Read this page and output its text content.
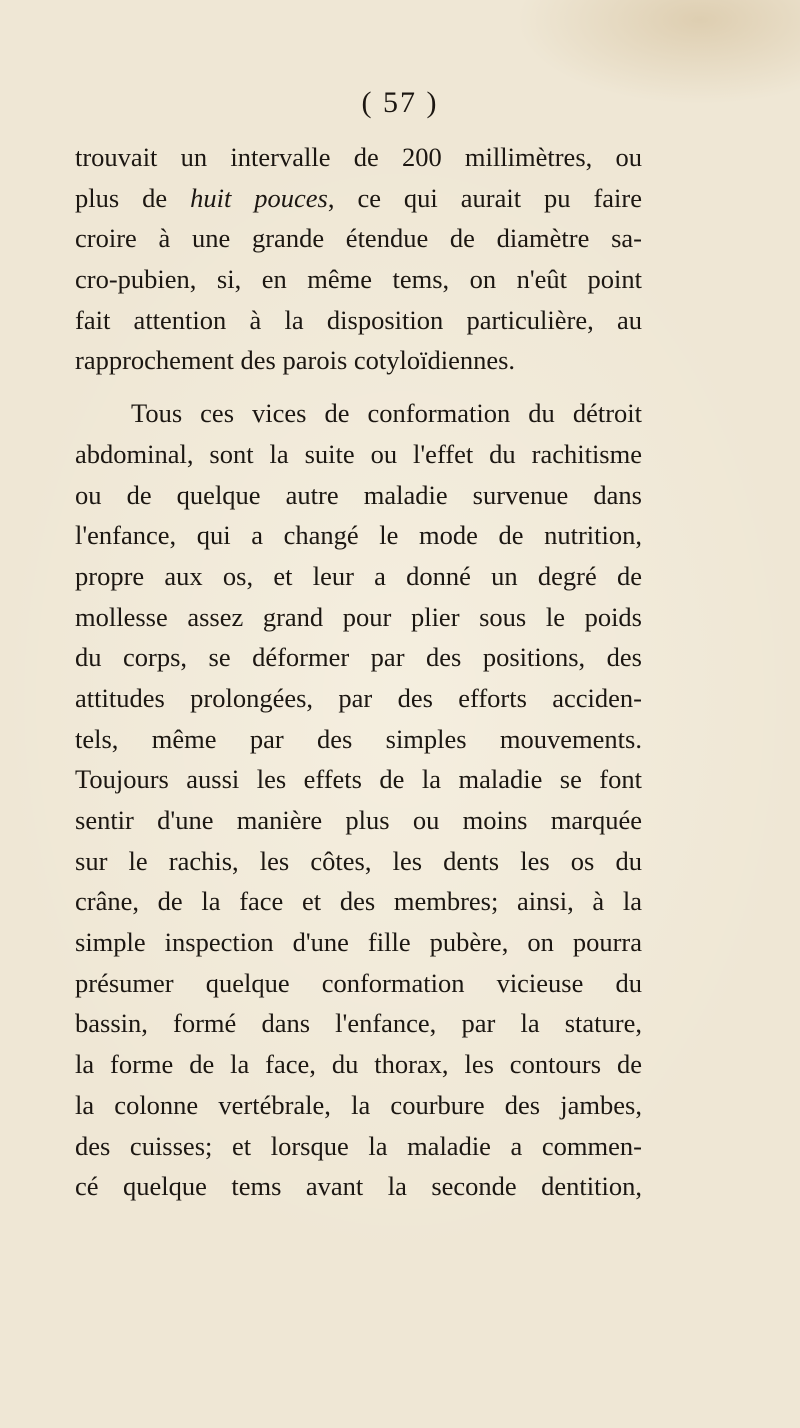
( 57 )
trouvait un intervalle de 200 millimètres, ou
plus de huit pouces, ce qui aurait pu faire
croire à une grande étendue de diamètre sa-
cro-pubien, si, en même tems, on n'eût point
fait attention à la disposition particulière, au
rapprochement des parois cotyloïdiennes.
Tous ces vices de conformation du détroit
abdominal, sont la suite ou l'effet du rachitisme
ou de quelque autre maladie survenue dans
l'enfance, qui a changé le mode de nutrition,
propre aux os, et leur a donné un degré de
mollesse assez grand pour plier sous le poids
du corps, se déformer par des positions, des
attitudes prolongées, par des efforts acciden-
tels, même par des simples mouvements.
Toujours aussi les effets de la maladie se font
sentir d'une manière plus ou moins marquée
sur le rachis, les côtes, les dents les os du
crâne, de la face et des membres; ainsi, à la
simple inspection d'une fille pubère, on pourra
présumer quelque conformation vicieuse du
bassin, formé dans l'enfance, par la stature,
la forme de la face, du thorax, les contours de
la colonne vertébrale, la courbure des jambes,
des cuisses; et lorsque la maladie a commen-
cé quelque tems avant la seconde dentition,
